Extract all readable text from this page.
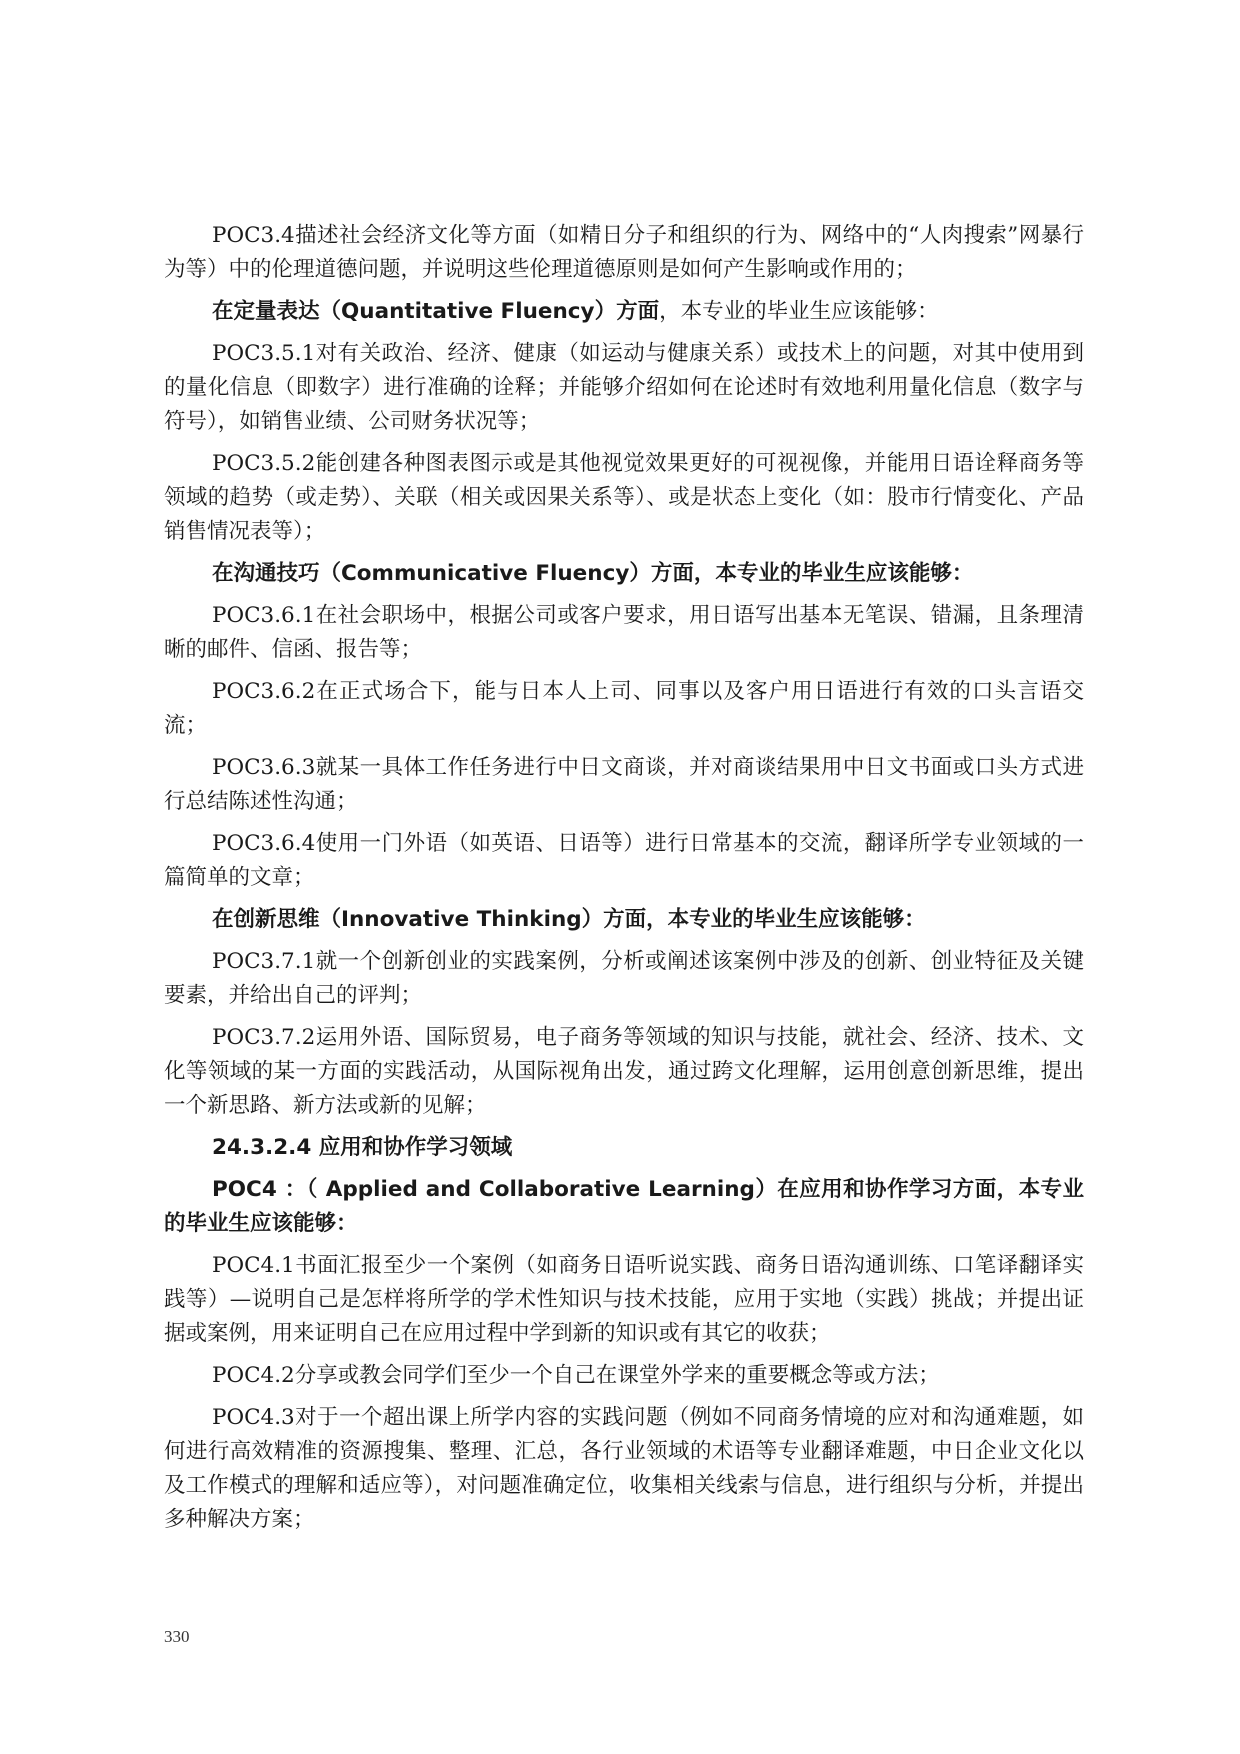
POC3.4描述社会经济文化等方面（如精日分子和组织的行为、网络中的“人肉搜索”网暴行为等）中的伦理道德问题，并说明这些伦理道德原则是如何产生影响或作用的；

在定量表达（Quantitative Fluency）方面，本专业的毕业生应该能够：

POC3.5.1对有关政治、经济、健康（如运动与健康关系）或技术上的问题，对其中使用到的量化信息（即数字）进行准确的诠释；并能够介绍如何在论述时有效地利用量化信息（数字与符号），如销售业绩、公司财务状况等；

POC3.5.2能创建各种图表图示或是其他视觉效果更好的可视视像，并能用日语诠释商务等领域的趋势（或走势）、关联（相关或因果关系等）、或是状态上变化（如：股市行情变化、产品销售情况表等）；

在沟通技巧（Communicative Fluency）方面，本专业的毕业生应该能够：

POC3.6.1在社会职场中，根据公司或客户要求，用日语写出基本无笔误、错漏，且条理清晰的邮件、信函、报告等；

POC3.6.2在正式场合下，能与日本人上司、同事以及客户用日语进行有效的口头言语交流；

POC3.6.3就某一具体工作任务进行中日文商谈，并对商谈结果用中日文书面或口头方式进行总结陈述性沟通；

POC3.6.4使用一门外语（如英语、日语等）进行日常基本的交流，翻译所学专业领域的一篇简单的文章；

在创新思维（Innovative Thinking）方面，本专业的毕业生应该能够：

POC3.7.1就一个创新创业的实践案例，分析或阐述该案例中涉及的创新、创业特征及关键要素，并给出自己的评判；

POC3.7.2运用外语、国际贸易，电子商务等领域的知识与技能，就社会、经济、技术、文化等领域的某一方面的实践活动，从国际视角出发，通过跨文化理解，运用创意创新思维，提出一个新思路、新方法或新的见解；

24.3.2.4 应用和协作学习领域

POC4 ：（ Applied and Collaborative Learning）在应用和协作学习方面，本专业的毕业生应该能够：

POC4.1书面汇报至少一个案例（如商务日语听说实践、商务日语沟通训练、口笔译翻译实践等）—说明自己是怎样将所学的学术性知识与技术技能，应用于实地（实践）挑战；并提出证据或案例，用来证明自己在应用过程中学到新的知识或有其它的收获；

POC4.2分享或教会同学们至少一个自己在课堂外学来的重要概念等或方法；

POC4.3对于一个超出课上所学内容的实践问题（例如不同商务情境的应对和沟通难题，如何进行高效精准的资源搜集、整理、汇总，各行业领域的术语等专业翻译难题，中日企业文化以及工作模式的理解和适应等），对问题准确定位，收集相关线索与信息，进行组织与分析，并提出多种解决方案；

330
